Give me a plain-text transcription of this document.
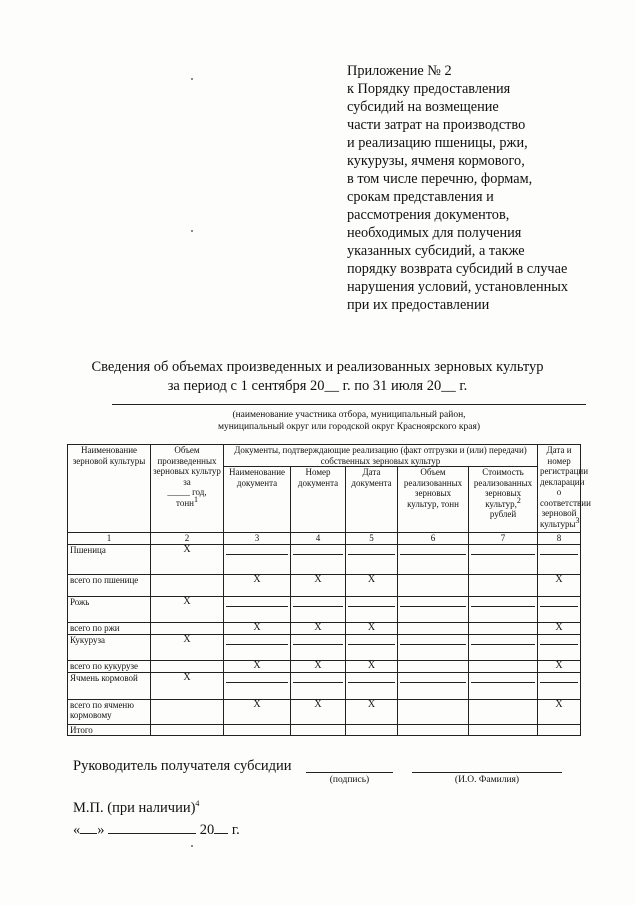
Приложение № 2
к Порядку предоставления
субсидий на возмещение
части затрат на производство
и реализацию пшеницы, ржи,
кукурузы, ячменя кормового,
в том числе перечню, формам,
срокам представления и
рассмотрения документов,
необходимых для получения
указанных субсидий, а также
порядку возврата субсидий в случае
нарушения условий, установленных
при их предоставлении
Сведения об объемах произведенных и реализованных зерновых культур
за период с 1 сентября 20__ г. по 31 июля 20__ г.
(наименование участника отбора, муниципальный район,
муниципальный округ или городской округ Красноярского края)
Наименование зерновой культуры	Объем произведенных зерновых культур за
_____ год,
тонн$^1$	Документы, подтверждающие реализацию (факт отгрузки и (или) передачи) собственных зерновых культур					Дата и номер регистрации декларации о соответствии зерновой культуры$^3$
		Наименование документа	Номер документа	Дата документа	Объем реализованных зерновых культур, тонн	Стоимость реализованных зерновых культур,$^2$
рублей	
1	2	3	4	5	6	7	8
Пшеница	X	

всего по пшенице		X	X	X			X
Рожь	X	

всего по ржи		X	X	X			X
Кукуруза	X	

всего по кукурузе		X	X	X			X
Ячмень кормовой	X	

всего по ячменю кормовому		X	X	X			X
Итого							
Руководитель получателя субсидии
(подпись)	(И.О. Фамилия)
М.П. (при наличии)$^4$
« »	20 г.
